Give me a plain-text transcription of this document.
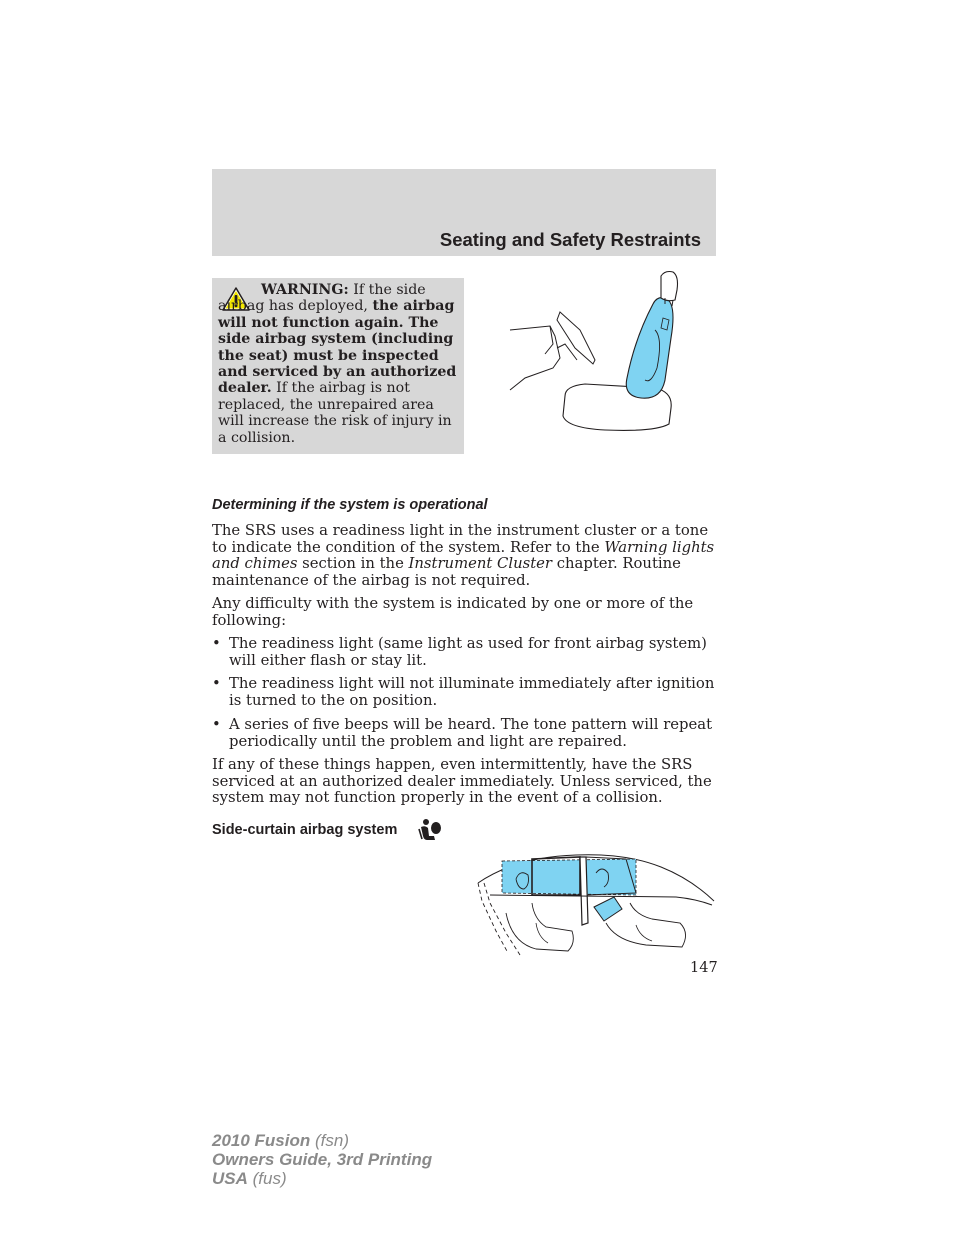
Seating and Safety Restraints
WARNING: If the side airbag has deployed, the airbag will not function again. The side airbag system (including the seat) must be inspected and serviced by an authorized dealer. If the airbag is not replaced, the unrepaired area will increase the risk of injury in a collision.
Determining if the system is operational
The SRS uses a readiness light in the instrument cluster or a tone to indicate the condition of the system. Refer to the Warning lights and chimes section in the Instrument Cluster chapter. Routine maintenance of the airbag is not required.
Any difficulty with the system is indicated by one or more of the following:
• The readiness light (same light as used for front airbag system) will either flash or stay lit.
• The readiness light will not illuminate immediately after ignition is turned to the on position.
• A series of five beeps will be heard. The tone pattern will repeat periodically until the problem and light are repaired.
If any of these things happen, even intermittently, have the SRS serviced at an authorized dealer immediately. Unless serviced, the system may not function properly in the event of a collision.
Side-curtain airbag system
147
2010 Fusion (fsn)
Owners Guide, 3rd Printing
USA (fus)
